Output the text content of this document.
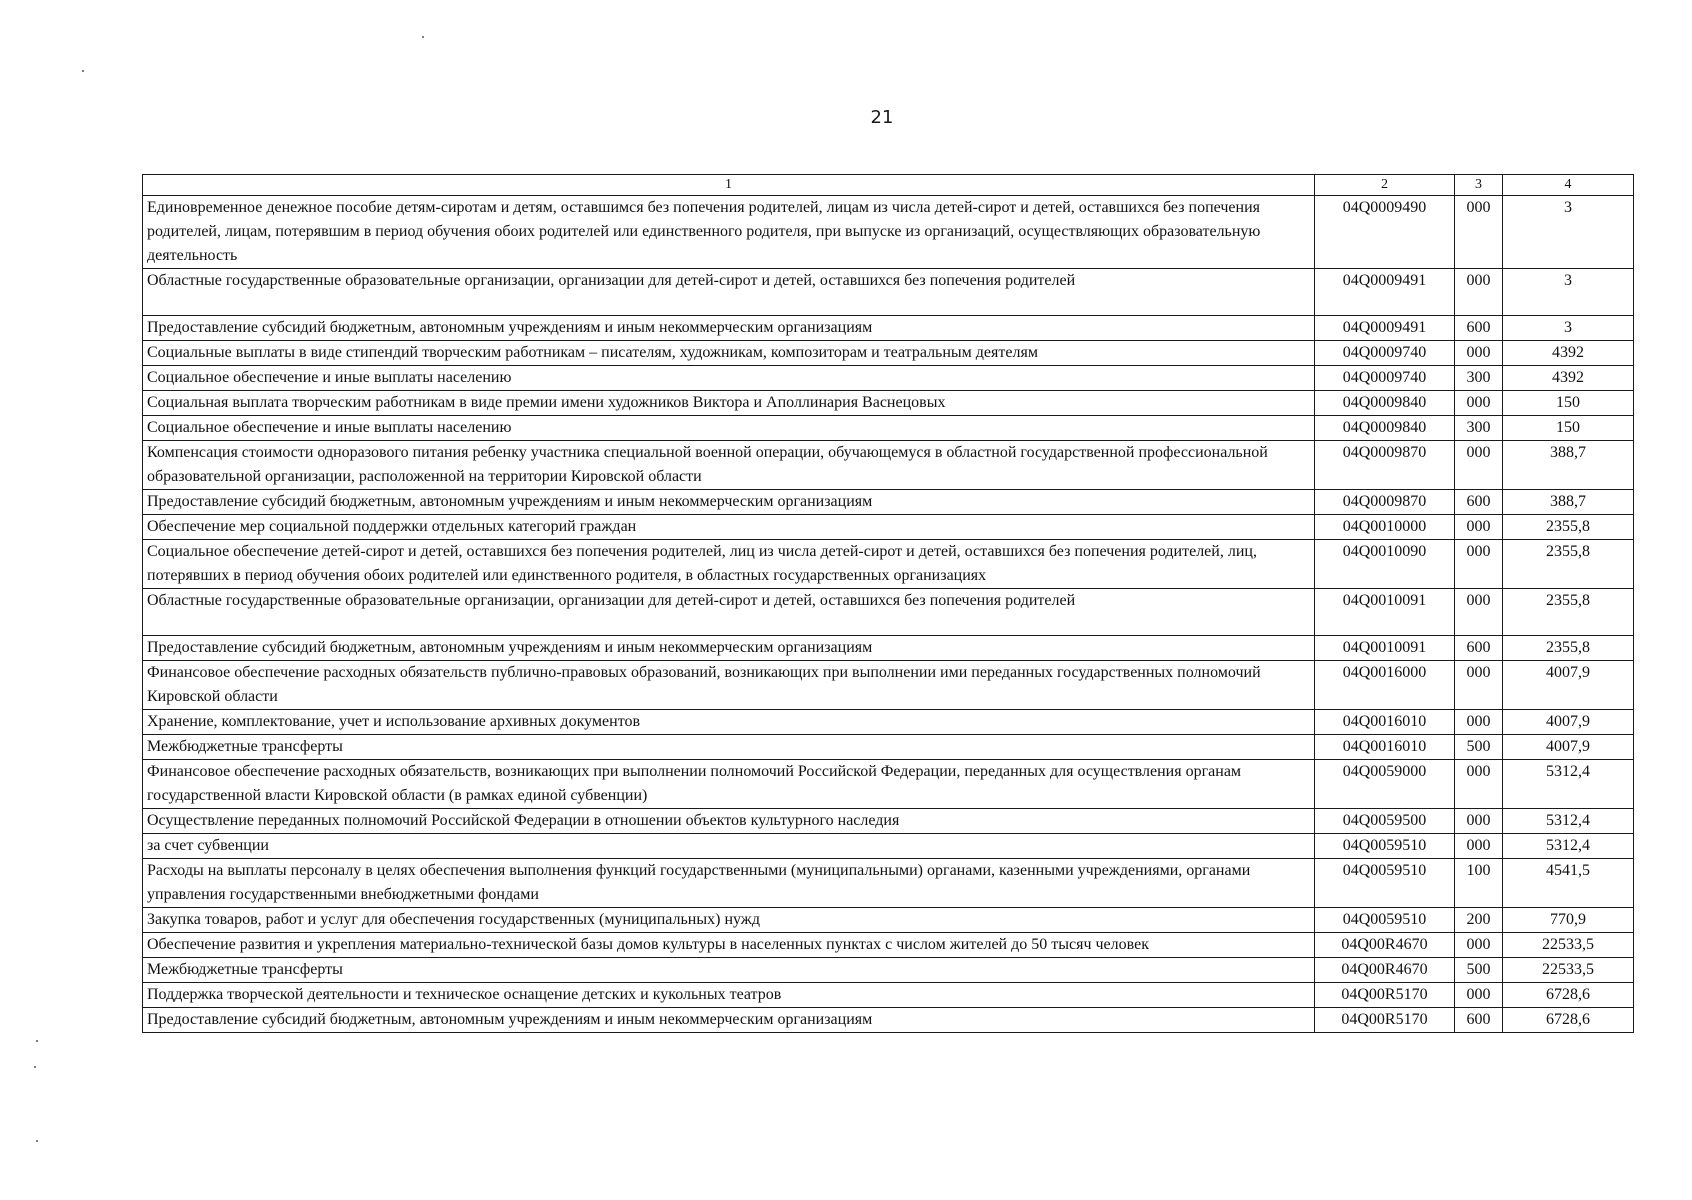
21
1	2	3	4
Единовременное денежное пособие детям-сиротам и детям, оставшимся без попечения родителей, лицам из числа детей-сирот и детей, оставшихся без попечения родителей, лицам, потерявшим в период обучения обоих родителей или единственного родителя, при выпуске из организаций, осуществляющих образовательную деятельность	04Q0009490	000	3
Областные государственные образовательные организации, организации для детей-сирот и детей, оставшихся без попечения родителей	04Q0009491	000	3
Предоставление субсидий бюджетным, автономным учреждениям и иным некоммерческим организациям	04Q0009491	600	3
Социальные выплаты в виде стипендий творческим работникам – писателям, художникам, композиторам и театральным деятелям	04Q0009740	000	4392
Социальное обеспечение и иные выплаты населению	04Q0009740	300	4392
Социальная выплата творческим работникам в виде премии имени художников Виктора и Аполлинария Васнецовых	04Q0009840	000	150
Социальное обеспечение и иные выплаты населению	04Q0009840	300	150
Компенсация стоимости одноразового питания ребенку участника специальной военной операции, обучающемуся в областной государственной профессиональной образовательной организации, расположенной на территории Кировской области	04Q0009870	000	388,7
Предоставление субсидий бюджетным, автономным учреждениям и иным некоммерческим организациям	04Q0009870	600	388,7
Обеспечение мер социальной поддержки отдельных категорий граждан	04Q0010000	000	2355,8
Социальное обеспечение детей-сирот и детей, оставшихся без попечения родителей, лиц из числа детей-сирот и детей, оставшихся без попечения родителей, лиц, потерявших в период обучения обоих родителей или единственного родителя, в областных государственных организациях	04Q0010090	000	2355,8
Областные государственные образовательные организации, организации для детей-сирот и детей, оставшихся без попечения родителей	04Q0010091	000	2355,8
Предоставление субсидий бюджетным, автономным учреждениям и иным некоммерческим организациям	04Q0010091	600	2355,8
Финансовое обеспечение расходных обязательств публично-правовых образований, возникающих при выполнении ими переданных государственных полномочий Кировской области	04Q0016000	000	4007,9
Хранение, комплектование, учет и использование архивных документов	04Q0016010	000	4007,9
Межбюджетные трансферты	04Q0016010	500	4007,9
Финансовое обеспечение расходных обязательств, возникающих при выполнении полномочий Российской Федерации, переданных для осуществления органам государственной власти Кировской области (в рамках единой субвенции)	04Q0059000	000	5312,4
Осуществление переданных полномочий Российской Федерации в отношении объектов культурного наследия	04Q0059500	000	5312,4
за счет субвенции	04Q0059510	000	5312,4
Расходы на выплаты персоналу в целях обеспечения выполнения функций государственными (муниципальными) органами, казенными учреждениями, органами управления государственными внебюджетными фондами	04Q0059510	100	4541,5
Закупка товаров, работ и услуг для обеспечения государственных (муниципальных) нужд	04Q0059510	200	770,9
Обеспечение развития и укрепления материально-технической базы домов культуры в населенных пунктах с числом жителей до 50 тысяч человек	04Q00R4670	000	22533,5
Межбюджетные трансферты	04Q00R4670	500	22533,5
Поддержка творческой деятельности и техническое оснащение детских и кукольных театров	04Q00R5170	000	6728,6
Предоставление субсидий бюджетным, автономным учреждениям и иным некоммерческим организациям	04Q00R5170	600	6728,6
